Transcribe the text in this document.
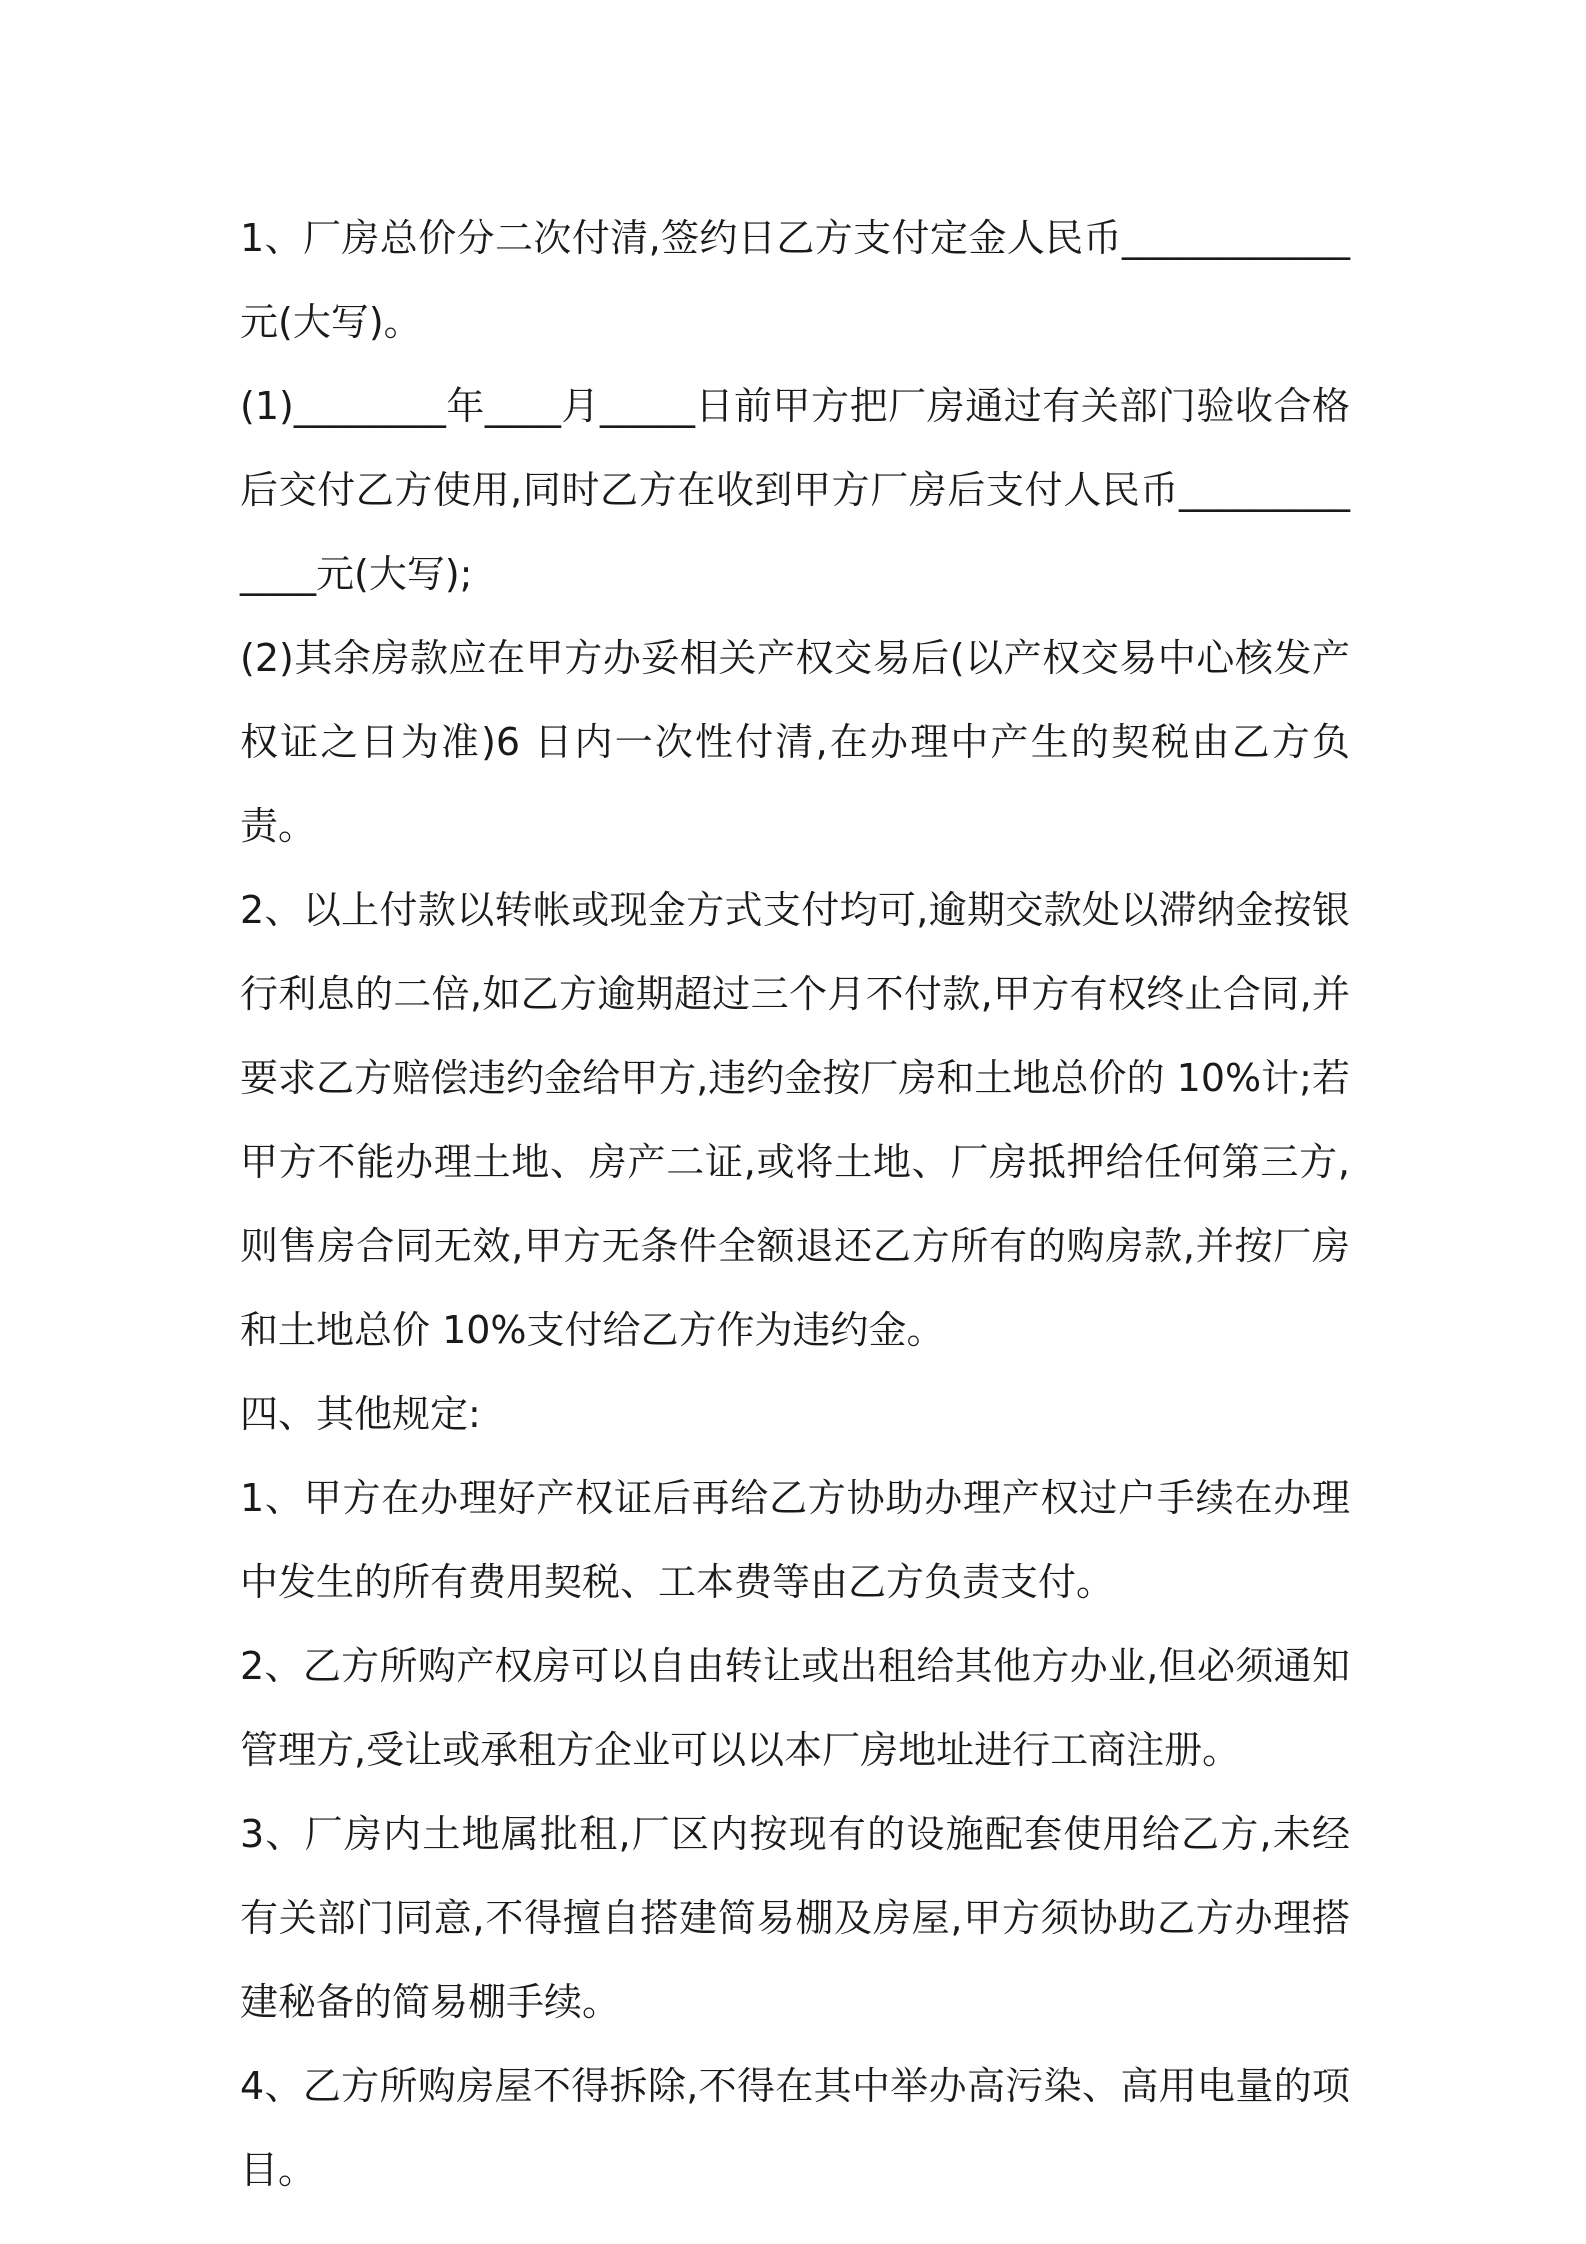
1、厂房总价分二次付清,签约日乙方支付定金人民币____________元(大写)。

(1)________年____月_____日前甲方把厂房通过有关部门验收合格后交付乙方使用,同时乙方在收到甲方厂房后支付人民币_____________元(大写);

(2)其余房款应在甲方办妥相关产权交易后(以产权交易中心核发产权证之日为准)6 日内一次性付清,在办理中产生的契税由乙方负责。

2、以上付款以转帐或现金方式支付均可,逾期交款处以滞纳金按银行利息的二倍,如乙方逾期超过三个月不付款,甲方有权终止合同,并要求乙方赔偿违约金给甲方,违约金按厂房和土地总价的 10%计;若甲方不能办理土地、房产二证,或将土地、厂房抵押给任何第三方,则售房合同无效,甲方无条件全额退还乙方所有的购房款,并按厂房和土地总价 10%支付给乙方作为违约金。

四、其他规定:

1、甲方在办理好产权证后再给乙方协助办理产权过户手续在办理中发生的所有费用契税、工本费等由乙方负责支付。

2、乙方所购产权房可以自由转让或出租给其他方办业,但必须通知管理方,受让或承租方企业可以以本厂房地址进行工商注册。

3、厂房内土地属批租,厂区内按现有的设施配套使用给乙方,未经有关部门同意,不得擅自搭建简易棚及房屋,甲方须协助乙方办理搭建秘备的简易棚手续。

4、乙方所购房屋不得拆除,不得在其中举办高污染、高用电量的项目。
